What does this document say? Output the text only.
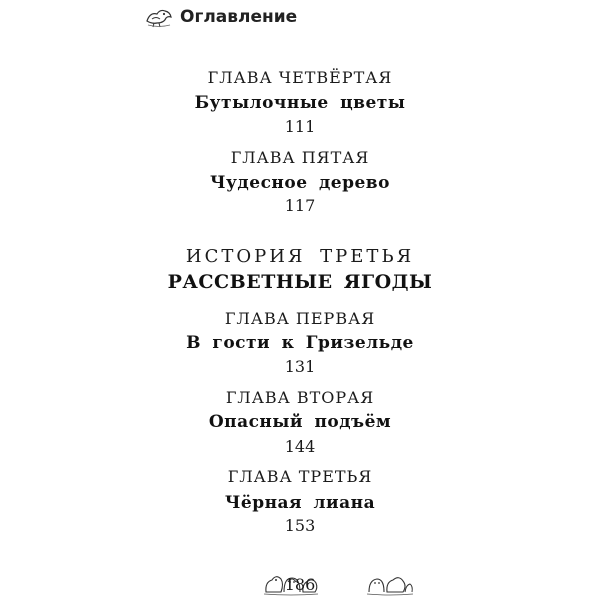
Оглавление
ГЛАВА ЧЕТВЁРТАЯ
Бутылочные цветы
111
ГЛАВА ПЯТАЯ
Чудесное дерево
117
ИСТОРИЯ ТРЕТЬЯ
РАССВЕТНЫЕ ЯГОДЫ
ГЛАВА ПЕРВАЯ
В гости к Гризельде
131
ГЛАВА ВТОРАЯ
Опасный подъём
144
ГЛАВА ТРЕТЬЯ
Чёрная лиана
153
186
